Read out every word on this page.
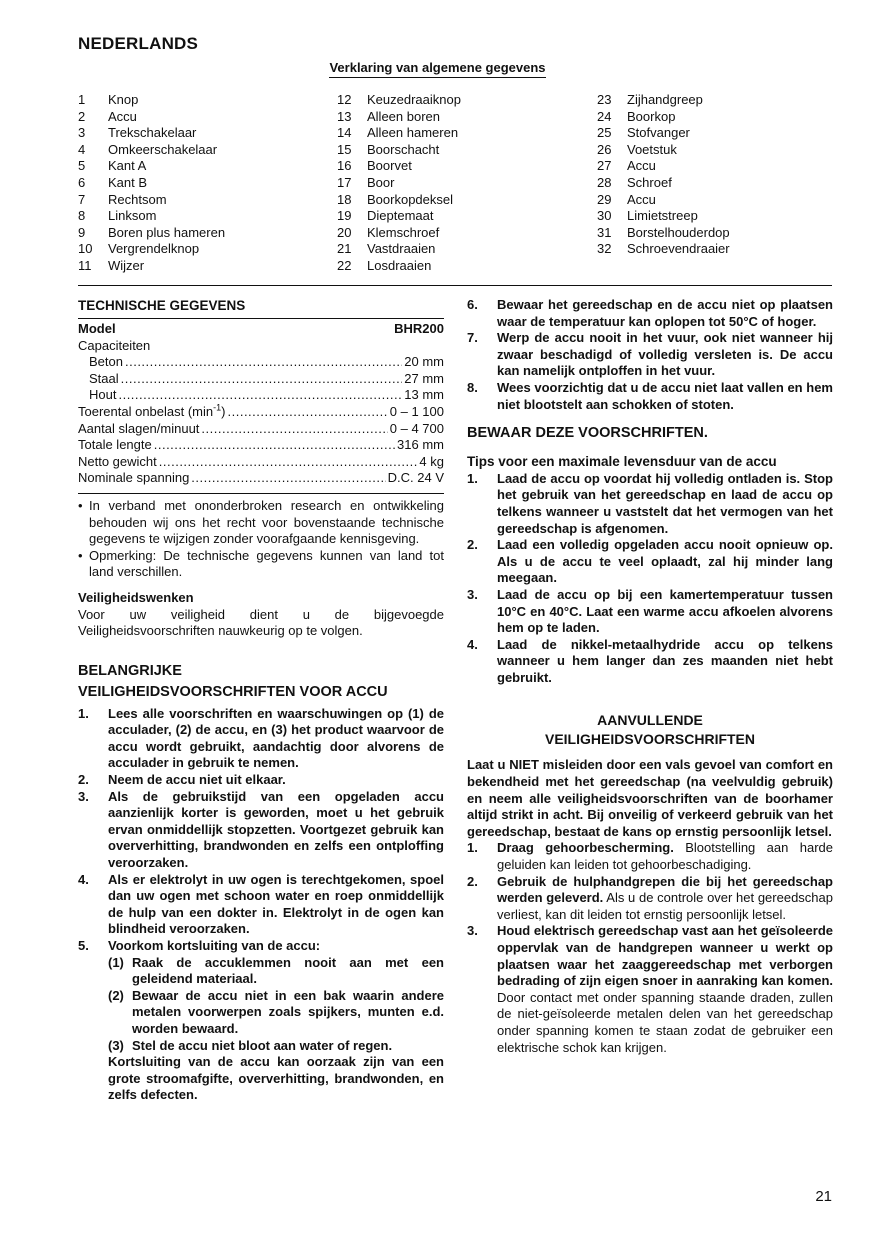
NEDERLANDS
Verklaring van algemene gegevens
1	Knop
2	Accu
3	Trekschakelaar
4	Omkeerschakelaar
5	Kant A
6	Kant B
7	Rechtsom
8	Linksom
9	Boren plus hameren
10	Vergrendelknop
11	Wijzer
12	Keuzedraaiknop
13	Alleen boren
14	Alleen hameren
15	Boorschacht
16	Boorvet
17	Boor
18	Boorkopdeksel
19	Dieptemaat
20	Klemschroef
21	Vastdraaien
22	Losdraaien
23	Zijhandgreep
24	Boorkop
25	Stofvanger
26	Voetstuk
27	Accu
28	Schroef
29	Accu
30	Limietstreep
31	Borstelhouderdop
32	Schroevendraaier
TECHNISCHE GEGEVENS
Model	BHR200
Capaciteiten
Beton .....	20 mm
Staal .....	27 mm
Hout .....	13 mm
Toerental onbelast $(\min^{-1})$ .....	0 – 1 100
Aantal slagen/minuut .....	0 – 4 700
Totale lengte .....	316 mm
Netto gewicht .....	4 kg
Nominale spanning .....	D.C. 24 V
• In verband met ononderbroken research en ontwikkeling behouden wij ons het recht voor bovenstaande technische gegevens te wijzigen zonder voorafgaande kennisgeving.
• Opmerking: De technische gegevens kunnen van land tot land verschillen.
Veiligheidswenken
Voor uw veiligheid dient u de bijgevoegde Veiligheidsvoorschriften nauwkeurig op te volgen.
BELANGRIJKE
VEILIGHEIDSVOORSCHRIFTEN VOOR ACCU
1.	Lees alle voorschriften en waarschuwingen op (1) de acculader, (2) de accu, en (3) het product waarvoor de accu wordt gebruikt, aandachtig door alvorens de acculader in gebruik te nemen.
2.	Neem de accu niet uit elkaar.
3.	Als de gebruikstijd van een opgeladen accu aanzienlijk korter is geworden, moet u het gebruik ervan onmiddellijk stopzetten. Voortgezet gebruik kan oververhitting, brandwonden en zelfs een ontploffing veroorzaken.
4.	Als er elektrolyt in uw ogen is terechtgekomen, spoel dan uw ogen met schoon water en roep onmiddellijk de hulp van een dokter in. Elektrolyt in de ogen kan blindheid veroorzaken.
5.	Voorkom kortsluiting van de accu:
(1) Raak de accuklemmen nooit aan met een geleidend materiaal.
(2) Bewaar de accu niet in een bak waarin andere metalen voorwerpen zoals spijkers, munten e.d. worden bewaard.
(3) Stel de accu niet bloot aan water of regen.
Kortsluiting van de accu kan oorzaak zijn van een grote stroomafgifte, oververhitting, brandwonden, en zelfs defecten.
6.	Bewaar het gereedschap en de accu niet op plaatsen waar de temperatuur kan oplopen tot 50°C of hoger.
7.	Werp de accu nooit in het vuur, ook niet wanneer hij zwaar beschadigd of volledig versleten is. De accu kan namelijk ontploffen in het vuur.
8.	Wees voorzichtig dat u de accu niet laat vallen en hem niet blootstelt aan schokken of stoten.
BEWAAR DEZE VOORSCHRIFTEN.
Tips voor een maximale levensduur van de accu
1.	Laad de accu op voordat hij volledig ontladen is. Stop het gebruik van het gereedschap en laad de accu op telkens wanneer u vaststelt dat het vermogen van het gereedschap is afgenomen.
2.	Laad een volledig opgeladen accu nooit opnieuw op. Als u de accu te veel oplaadt, zal hij minder lang meegaan.
3.	Laad de accu op bij een kamertemperatuur tussen 10°C en 40°C. Laat een warme accu afkoelen alvorens hem op te laden.
4.	Laad de nikkel-metaalhydride accu op telkens wanneer u hem langer dan zes maanden niet hebt gebruikt.
AANVULLENDE
VEILIGHEIDSVOORSCHRIFTEN
Laat u NIET misleiden door een vals gevoel van comfort en bekendheid met het gereedschap (na veelvuldig gebruik) en neem alle veiligheidsvoorschriften van de boorhamer altijd strikt in acht. Bij onveilig of verkeerd gebruik van het gereedschap, bestaat de kans op ernstig persoonlijk letsel.
1.	Draag gehoorbescherming. Blootstelling aan harde geluiden kan leiden tot gehoorbeschadiging.
2.	Gebruik de hulphandgrepen die bij het gereedschap werden geleverd. Als u de controle over het gereedschap verliest, kan dit leiden tot ernstig persoonlijk letsel.
3.	Houd elektrisch gereedschap vast aan het geïsoleerde oppervlak van de handgrepen wanneer u werkt op plaatsen waar het zaaggereedschap met verborgen bedrading of zijn eigen snoer in aanraking kan komen. Door contact met onder spanning staande draden, zullen de niet-geïsoleerde metalen delen van het gereedschap onder spanning komen te staan zodat de gebruiker een elektrische schok kan krijgen.
21
